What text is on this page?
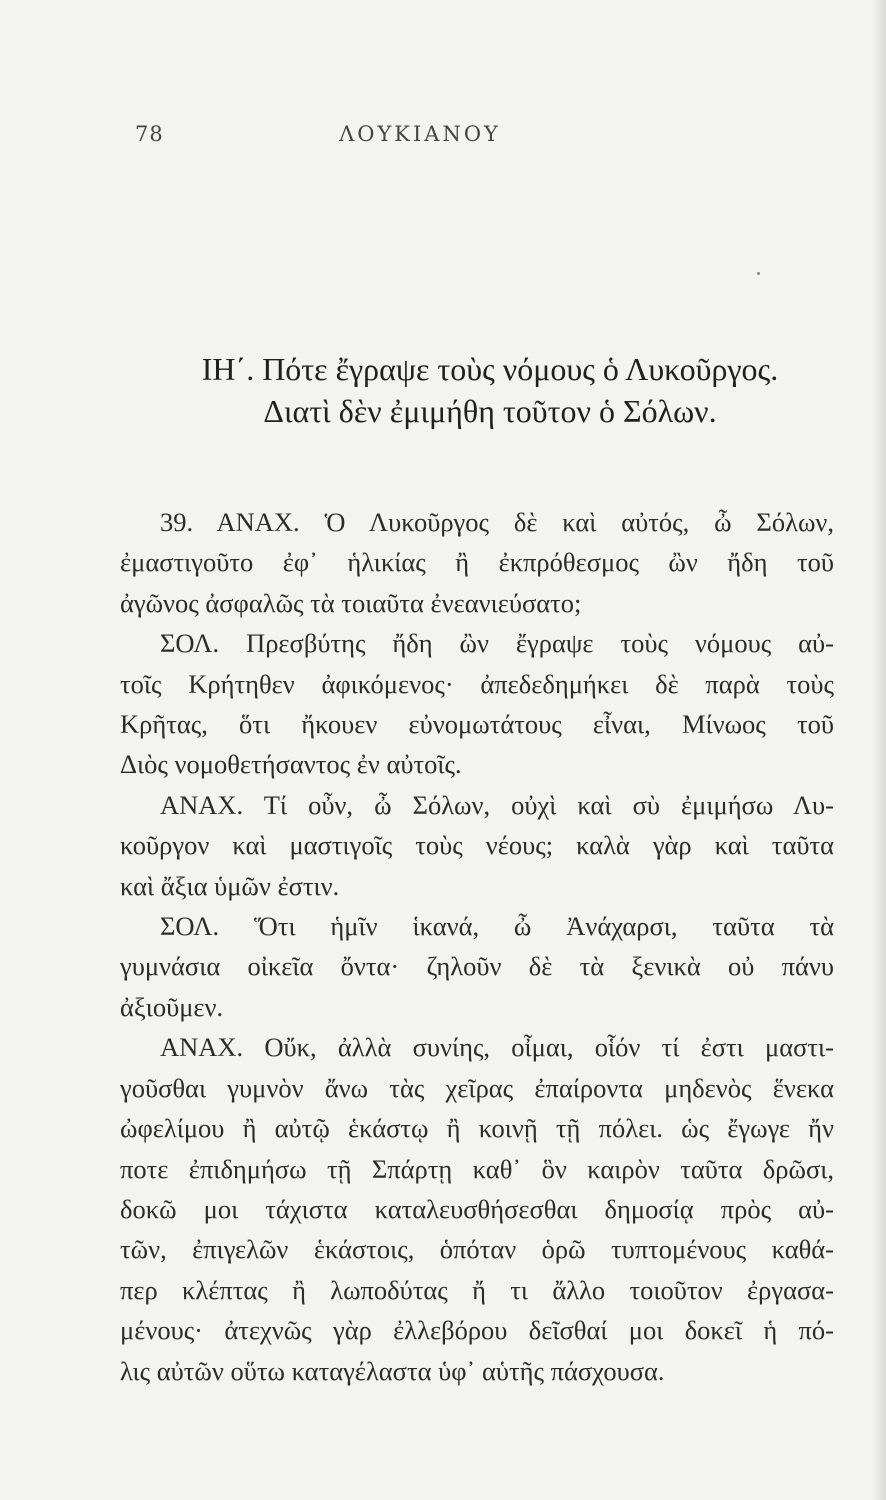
78	ΛΟΥΚΙΑΝΟΥ
ΙΗ΄. Πότε ἔγραψε τοὺς νόμους ὁ Λυκοῦργος.
Διατὶ δὲν ἐμιμήθη τοῦτον ὁ Σόλων.
39. ΑΝΑΧ. Ὁ Λυκοῦργος δὲ καὶ αὐτός, ὦ Σόλων,
ἐμαστιγοῦτο ἐφ᾽ ἡλικίας ἢ ἐκπρόθεσμος ὢν ἤδη τοῦ
ἀγῶνος ἀσφαλῶς τὰ τοιαῦτα ἐνεανιεύσατο;
ΣΟΛ. Πρεσβύτης ἤδη ὢν ἔγραψε τοὺς νόμους αὐ-
τοῖς Κρήτηθεν ἀφικόμενος· ἀπεδεδημήκει δὲ παρὰ τοὺς
Κρῆτας, ὅτι ἤκουεν εὐνομωτάτους εἶναι, Μίνωος τοῦ
Διὸς νομοθετήσαντος ἐν αὐτοῖς.
ΑΝΑΧ. Τί οὖν, ὦ Σόλων, οὐχὶ καὶ σὺ ἐμιμήσω Λυ-
κοῦργον καὶ μαστιγοῖς τοὺς νέους; καλὰ γὰρ καὶ ταῦτα
καὶ ἄξια ὑμῶν ἐστιν.
ΣΟΛ. Ὅτι ἡμῖν ἱκανά, ὦ Ἀνάχαρσι, ταῦτα τὰ
γυμνάσια οἰκεῖα ὄντα· ζηλοῦν δὲ τὰ ξενικὰ οὐ πάνυ
ἀξιοῦμεν.
ΑΝΑΧ. Οὔκ, ἀλλὰ συνίης, οἶμαι, οἷόν τί ἐστι μαστι-
γοῦσθαι γυμνὸν ἄνω τὰς χεῖρας ἐπαίροντα μηδενὸς ἕνεκα
ὠφελίμου ἢ αὐτῷ ἑκάστῳ ἢ κοινῇ τῇ πόλει. ὡς ἔγωγε ἤν
ποτε ἐπιδημήσω τῇ Σπάρτῃ καθ᾽ ὃν καιρὸν ταῦτα δρῶσι,
δοκῶ μοι τάχιστα καταλευσθήσεσθαι δημοσίᾳ πρὸς αὐ-
τῶν, ἐπιγελῶν ἑκάστοις, ὁπόταν ὁρῶ τυπτομένους καθά-
περ κλέπτας ἢ λωποδύτας ἤ τι ἄλλο τοιοῦτον ἐργασα-
μένους· ἀτεχνῶς γὰρ ἐλλεβόρου δεῖσθαί μοι δοκεῖ ἡ πό-
λις αὐτῶν οὕτω καταγέλαστα ὑφ᾽ αὑτῆς πάσχουσα.
